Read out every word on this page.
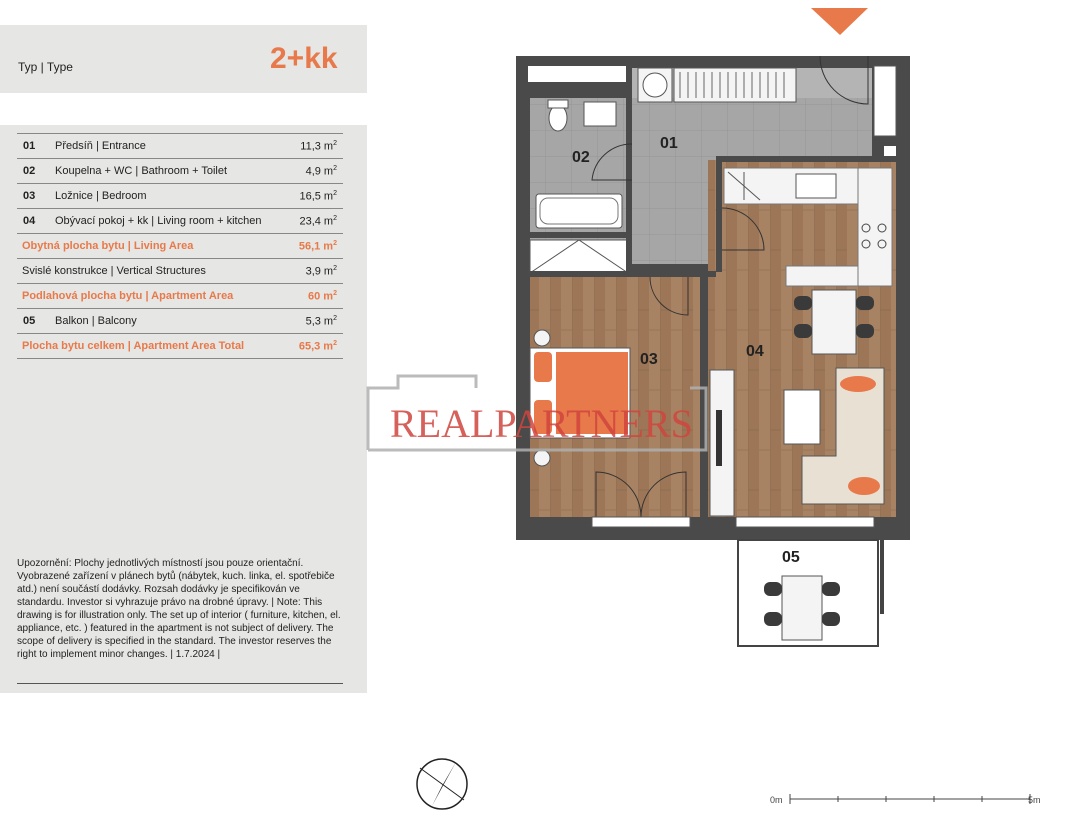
Typ | Type	2+kk
01	Předsíň | Entrance	11,3 $m^2$
02	Koupelna + WC | Bathroom + Toilet	4,9 $m^2$
03	Ložnice | Bedroom	16,5 $m^2$
04	Obývací pokoj + kk | Living room + kitchen	23,4 $m^2$
Obytná plocha bytu | Living Area		56,1 $m^2$
Svislé konstrukce | Vertical Structures		3,9 $m^2$
Podlahová plocha bytu | Apartment Area		60 $m^2$
05	Balkon | Balcony	5,3 $m^2$
Plocha bytu celkem | Apartment Area Total		65,3 $m^2$
Upozornění: Plochy jednotlivých místností jsou pouze orientační. Vyobrazené zařízení v plánech bytů (nábytek, kuch. linka, el. spotřebiče atd.) není součástí dodávky. Rozsah dodávky je specifikován ve standardu. Investor si vyhrazuje právo na drobné úpravy. | Note: This drawing is for illustration only. The set up of interior ( furniture, kitchen, el. appliance, etc. ) featured in the apartment is not subject of delivery. The scope of delivery is specified in the standard. The investor reserves the right to implement minor changes. | 1.7.2024 |
01
02
03	04
05
REALPARTNERS
0m	5m
